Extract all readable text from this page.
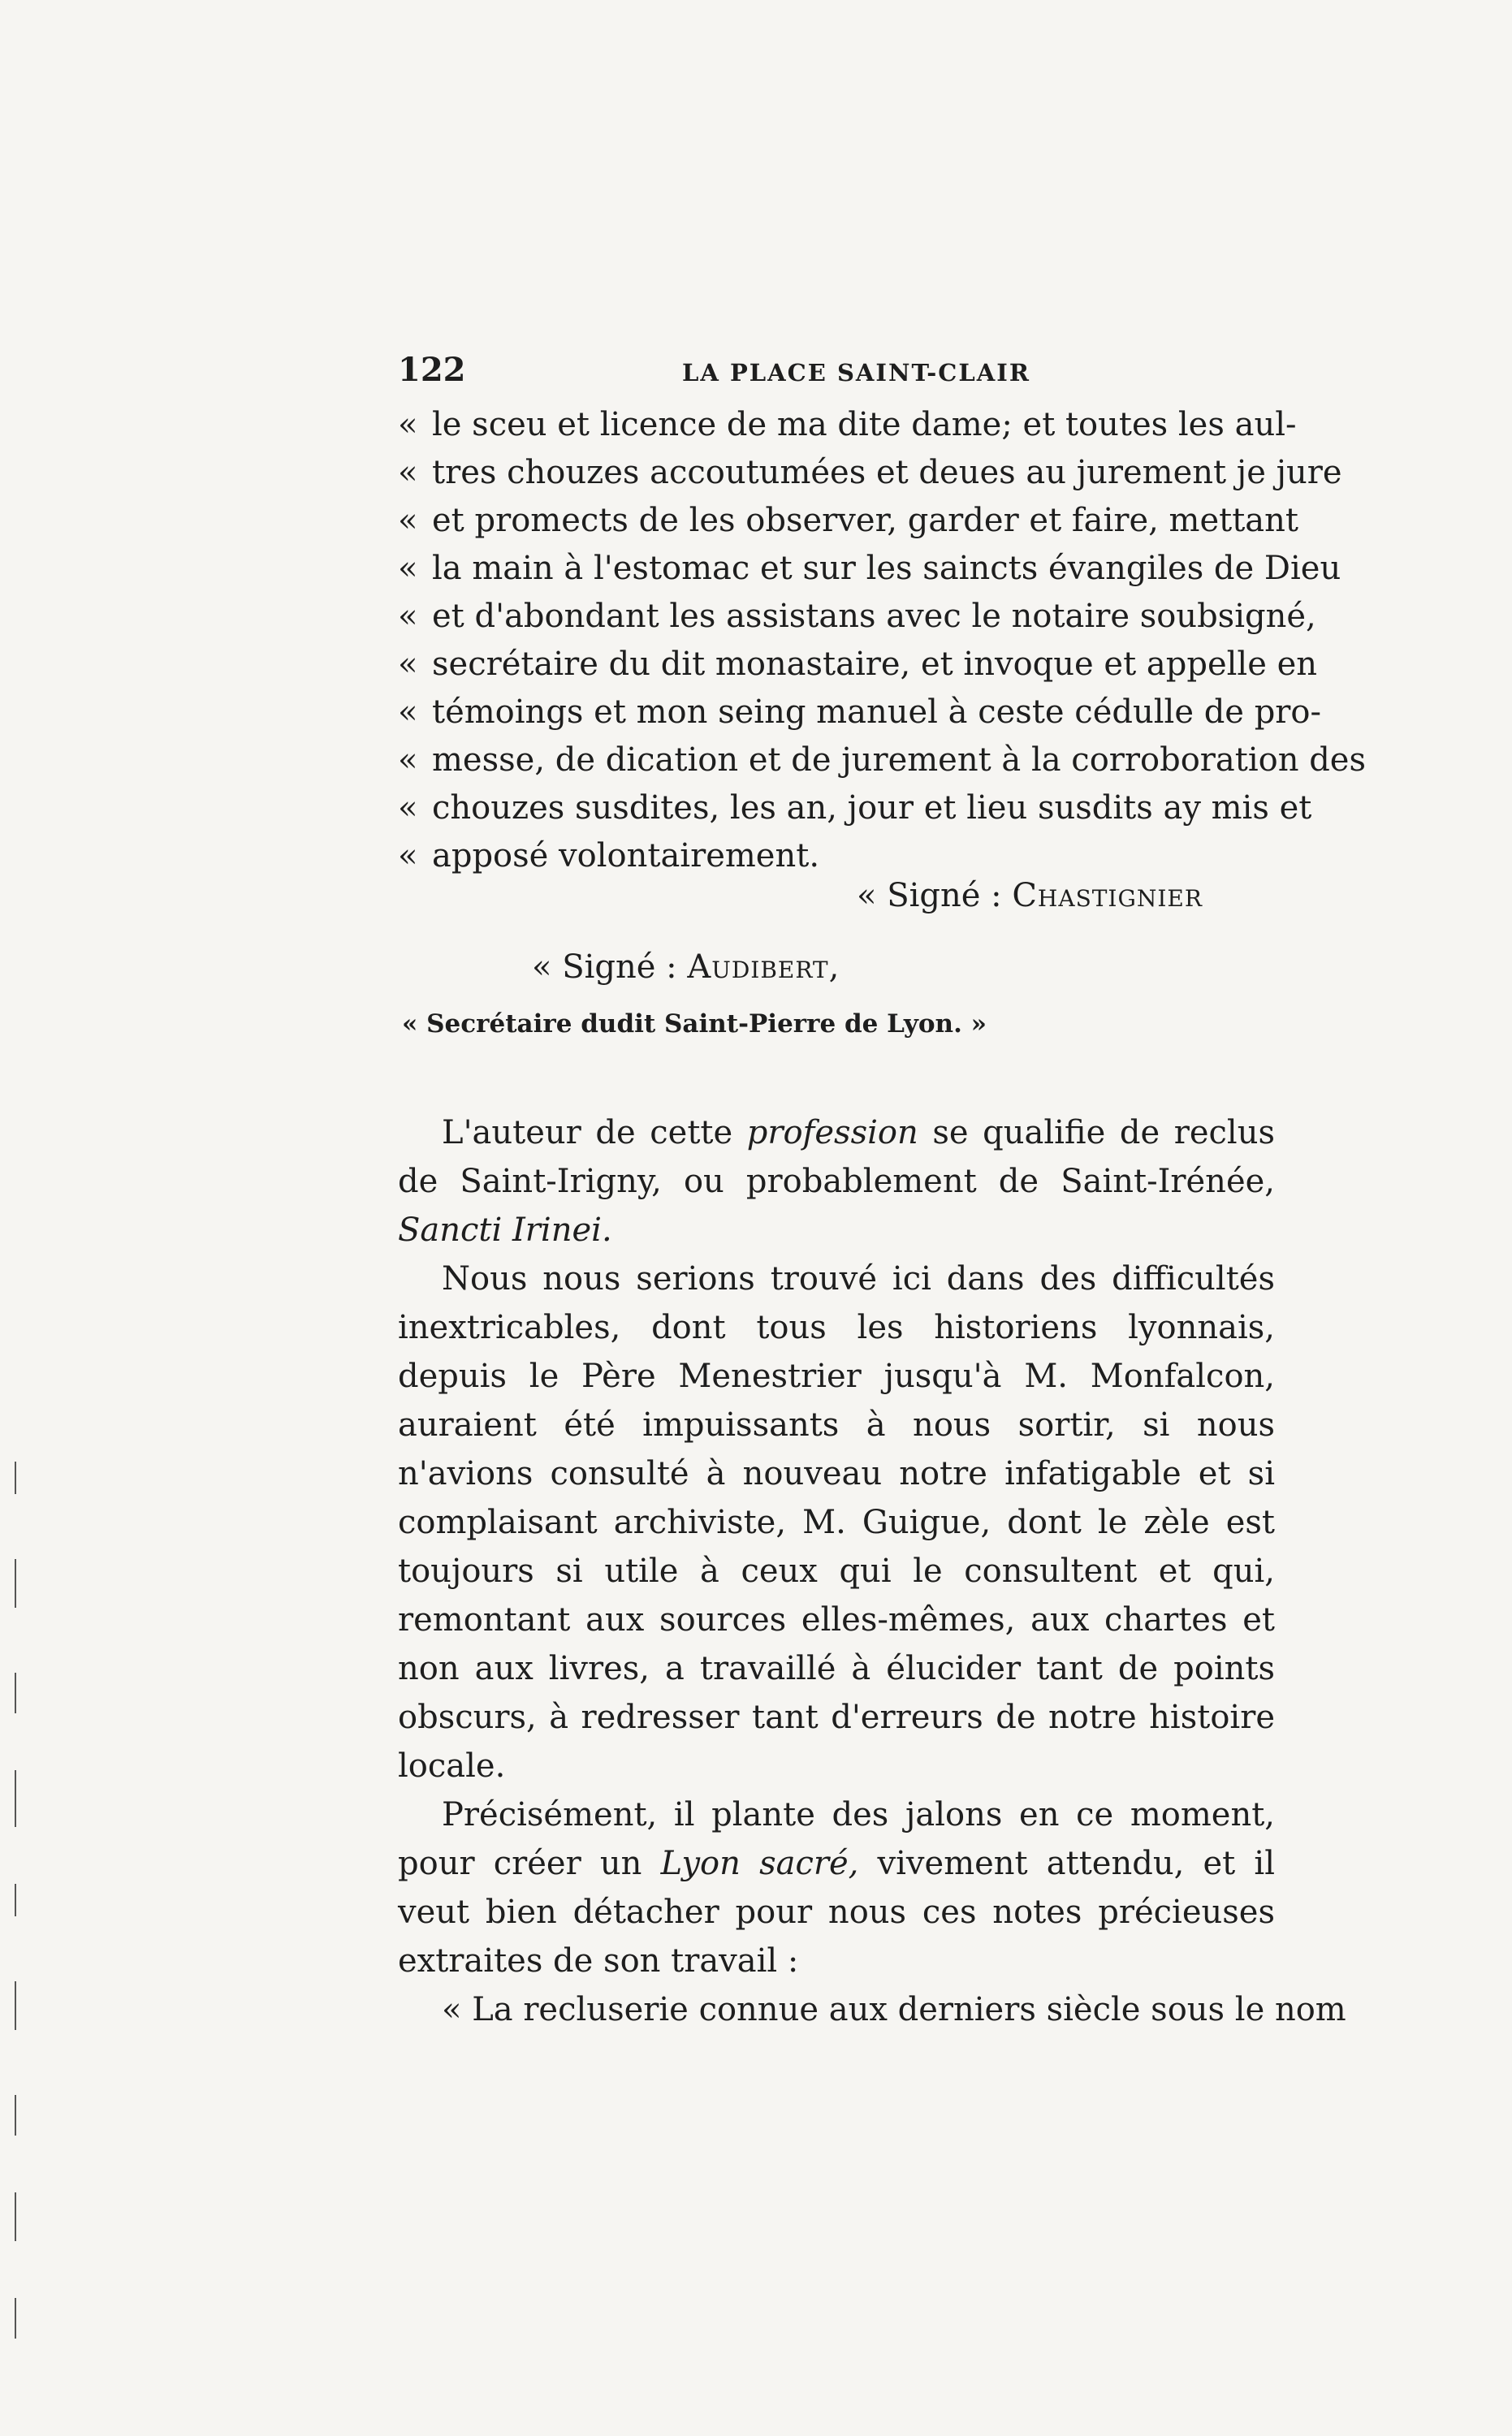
122	LA PLACE SAINT-CLAIR
« le sceu et licence de ma dite dame; et toutes les aul-
« tres chouzes accoutumées et deues au jurement je jure
« et promects de les observer, garder et faire, mettant
« la main à l'estomac et sur les saincts évangiles de Dieu
« et d'abondant les assistans avec le notaire soubsigné,
« secrétaire du dit monastaire, et invoque et appelle en
« témoings et mon seing manuel à ceste cédulle de pro-
« messe, de dication et de jurement à la corroboration des
« chouzes susdites, les an, jour et lieu susdits ay mis et
« apposé volontairement.
« Signé : Chastignier
« Signé : Audibert,
« Secrétaire dudit Saint-Pierre de Lyon. »

L'auteur de cette profession se qualifie de reclus de Saint-Irigny, ou probablement de Saint-Irénée, Sancti Irinei.

Nous nous serions trouvé ici dans des difficultés inextricables, dont tous les historiens lyonnais, depuis le Père Menestrier jusqu'à M. Monfalcon, auraient été impuissants à nous sortir, si nous n'avions consulté à nouveau notre infatigable et si complaisant archiviste, M. Guigue, dont le zèle est toujours si utile à ceux qui le consultent et qui, remontant aux sources elles-mêmes, aux chartes et non aux livres, a travaillé à élucider tant de points obscurs, à redresser tant d'erreurs de notre histoire locale.

Précisément, il plante des jalons en ce moment, pour créer un Lyon sacré, vivement attendu, et il veut bien détacher pour nous ces notes précieuses extraites de son travail :

« La recluserie connue aux derniers siècle sous le nom
